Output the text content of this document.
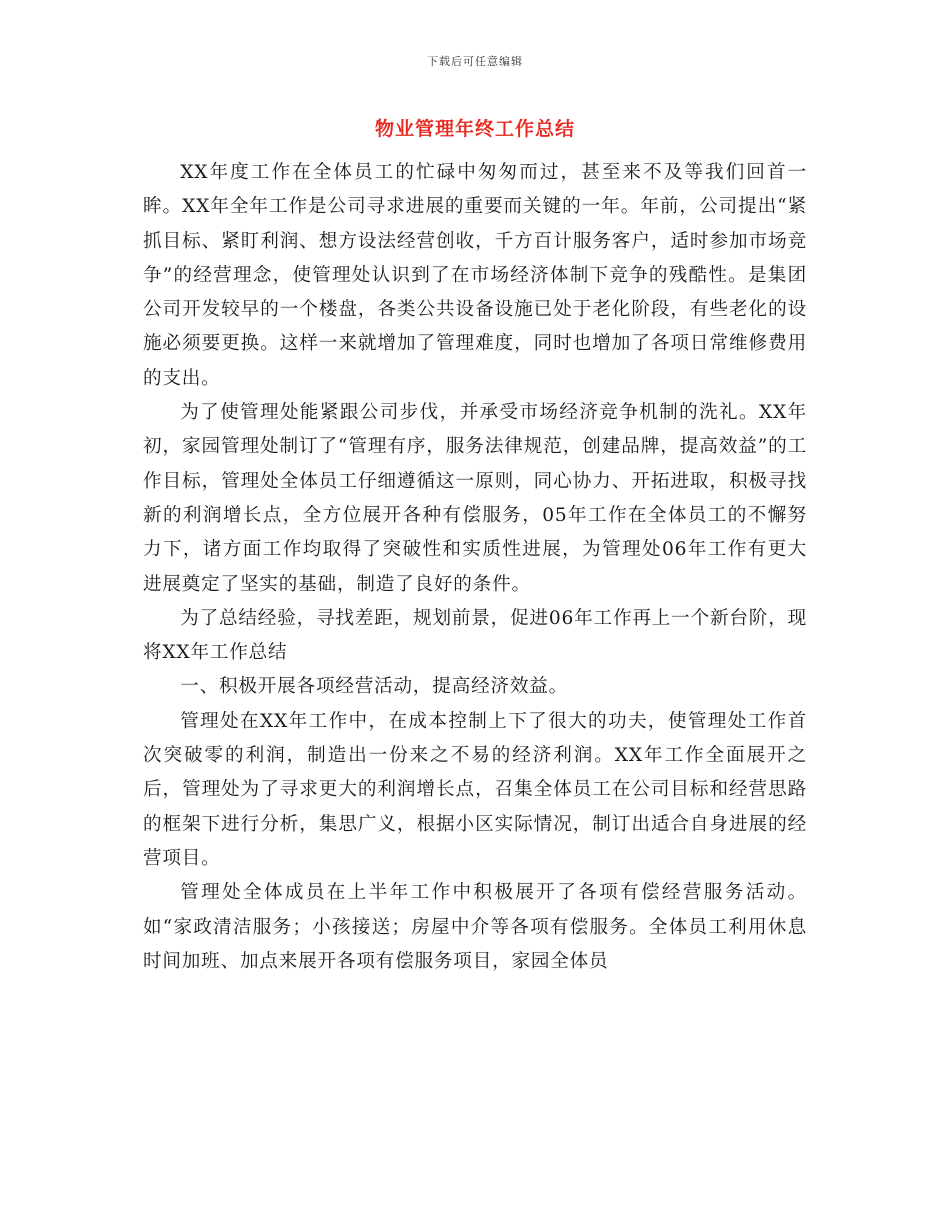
下载后可任意编辑
物业管理年终工作总结

XX年度工作在全体员工的忙碌中匆匆而过，甚至来不及等我们回首一眸。XX年全年工作是公司寻求进展的重要而关键的一年。年前，公司提出“紧抓目标、紧盯利润、想方设法经营创收，千方百计服务客户，适时参加市场竞争”的经营理念，使管理处认识到了在市场经济体制下竞争的残酷性。是集团公司开发较早的一个楼盘，各类公共设备设施已处于老化阶段，有些老化的设施必须要更换。这样一来就增加了管理难度，同时也增加了各项日常维修费用的支出。

为了使管理处能紧跟公司步伐，并承受市场经济竞争机制的洗礼。XX年初，家园管理处制订了“管理有序，服务法律规范，创建品牌，提高效益”的工作目标，管理处全体员工仔细遵循这一原则，同心协力、开拓进取，积极寻找新的利润增长点，全方位展开各种有偿服务，05年工作在全体员工的不懈努力下，诸方面工作均取得了突破性和实质性进展，为管理处06年工作有更大进展奠定了坚实的基础，制造了良好的条件。

为了总结经验，寻找差距，规划前景，促进06年工作再上一个新台阶，现将XX年工作总结

一、积极开展各项经营活动，提高经济效益。

管理处在XX年工作中，在成本控制上下了很大的功夫，使管理处工作首次突破零的利润，制造出一份来之不易的经济利润。XX年工作全面展开之后，管理处为了寻求更大的利润增长点，召集全体员工在公司目标和经营思路的框架下进行分析，集思广义，根据小区实际情况，制订出适合自身进展的经营项目。

管理处全体成员在上半年工作中积极展开了各项有偿经营服务活动。如“家政清洁服务；小孩接送；房屋中介等各项有偿服务。全体员工利用休息时间加班、加点来展开各项有偿服务项目，家园全体员
